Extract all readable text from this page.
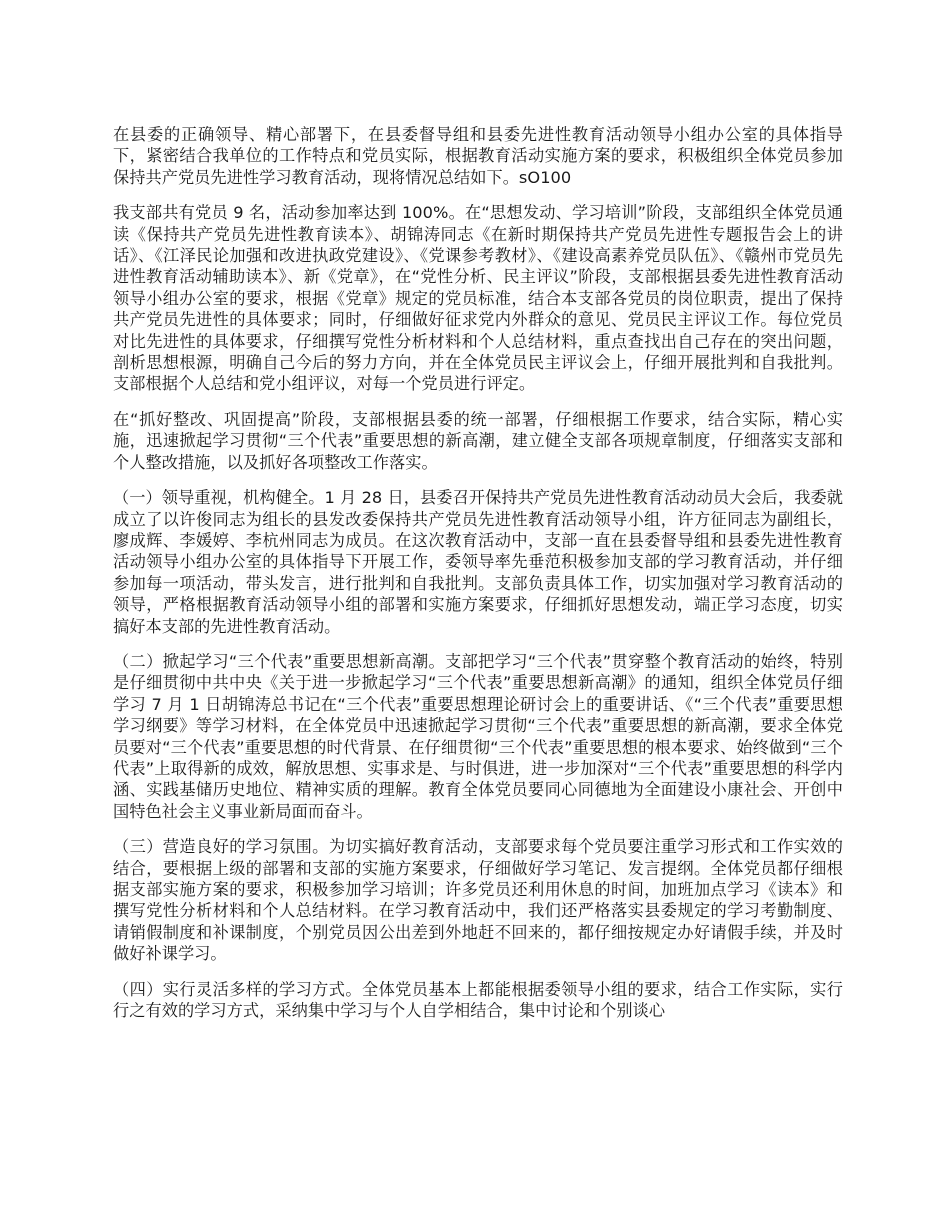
在县委的正确领导、精心部署下，在县委督导组和县委先进性教育活动领导小组办公室的具体指导下，紧密结合我单位的工作特点和党员实际，根据教育活动实施方案的要求，积极组织全体党员参加保持共产党员先进性学习教育活动，现将情况总结如下。sO100

我支部共有党员 9 名，活动参加率达到 100%。在“思想发动、学习培训”阶段，支部组织全体党员通读《保持共产党员先进性教育读本》、胡锦涛同志《在新时期保持共产党员先进性专题报告会上的讲话》、《江泽民论加强和改进执政党建设》、《党课参考教材》、《建设高素养党员队伍》、《赣州市党员先进性教育活动辅助读本》、新《党章》，在“党性分析、民主评议”阶段，支部根据县委先进性教育活动领导小组办公室的要求，根据《党章》规定的党员标准，结合本支部各党员的岗位职责，提出了保持共产党员先进性的具体要求；同时，仔细做好征求党内外群众的意见、党员民主评议工作。每位党员对比先进性的具体要求，仔细撰写党性分析材料和个人总结材料，重点查找出自己存在的突出问题，剖析思想根源，明确自己今后的努力方向，并在全体党员民主评议会上，仔细开展批判和自我批判。支部根据个人总结和党小组评议，对每一个党员进行评定。

在“抓好整改、巩固提高”阶段，支部根据县委的统一部署，仔细根据工作要求，结合实际，精心实施，迅速掀起学习贯彻“三个代表”重要思想的新高潮，建立健全支部各项规章制度，仔细落实支部和个人整改措施，以及抓好各项整改工作落实。

（一）领导重视，机构健全。1 月 28 日，县委召开保持共产党员先进性教育活动动员大会后，我委就成立了以许俊同志为组长的县发改委保持共产党员先进性教育活动领导小组，许方征同志为副组长，廖成辉、李媛婷、李杭州同志为成员。在这次教育活动中，支部一直在县委督导组和县委先进性教育活动领导小组办公室的具体指导下开展工作，委领导率先垂范积极参加支部的学习教育活动，并仔细参加每一项活动，带头发言，进行批判和自我批判。支部负责具体工作，切实加强对学习教育活动的领导，严格根据教育活动领导小组的部署和实施方案要求，仔细抓好思想发动，端正学习态度，切实搞好本支部的先进性教育活动。

（二）掀起学习“三个代表”重要思想新高潮。支部把学习“三个代表”贯穿整个教育活动的始终，特别是仔细贯彻中共中央《关于进一步掀起学习“三个代表”重要思想新高潮》的通知，组织全体党员仔细学习 7 月 1 日胡锦涛总书记在“三个代表”重要思想理论研讨会上的重要讲话、《“三个代表”重要思想学习纲要》等学习材料，在全体党员中迅速掀起学习贯彻“三个代表”重要思想的新高潮，要求全体党员要对“三个代表”重要思想的时代背景、在仔细贯彻“三个代表”重要思想的根本要求、始终做到“三个代表”上取得新的成效，解放思想、实事求是、与时俱进，进一步加深对“三个代表”重要思想的科学内涵、实践基储历史地位、精神实质的理解。教育全体党员要同心同德地为全面建设小康社会、开创中国特色社会主义事业新局面而奋斗。

（三）营造良好的学习氛围。为切实搞好教育活动，支部要求每个党员要注重学习形式和工作实效的结合，要根据上级的部署和支部的实施方案要求，仔细做好学习笔记、发言提纲。全体党员都仔细根据支部实施方案的要求，积极参加学习培训；许多党员还利用休息的时间，加班加点学习《读本》和撰写党性分析材料和个人总结材料。在学习教育活动中，我们还严格落实县委规定的学习考勤制度、请销假制度和补课制度，个别党员因公出差到外地赶不回来的，都仔细按规定办好请假手续，并及时做好补课学习。

（四）实行灵活多样的学习方式。全体党员基本上都能根据委领导小组的要求，结合工作实际，实行行之有效的学习方式，采纳集中学习与个人自学相结合，集中讨论和个别谈心
